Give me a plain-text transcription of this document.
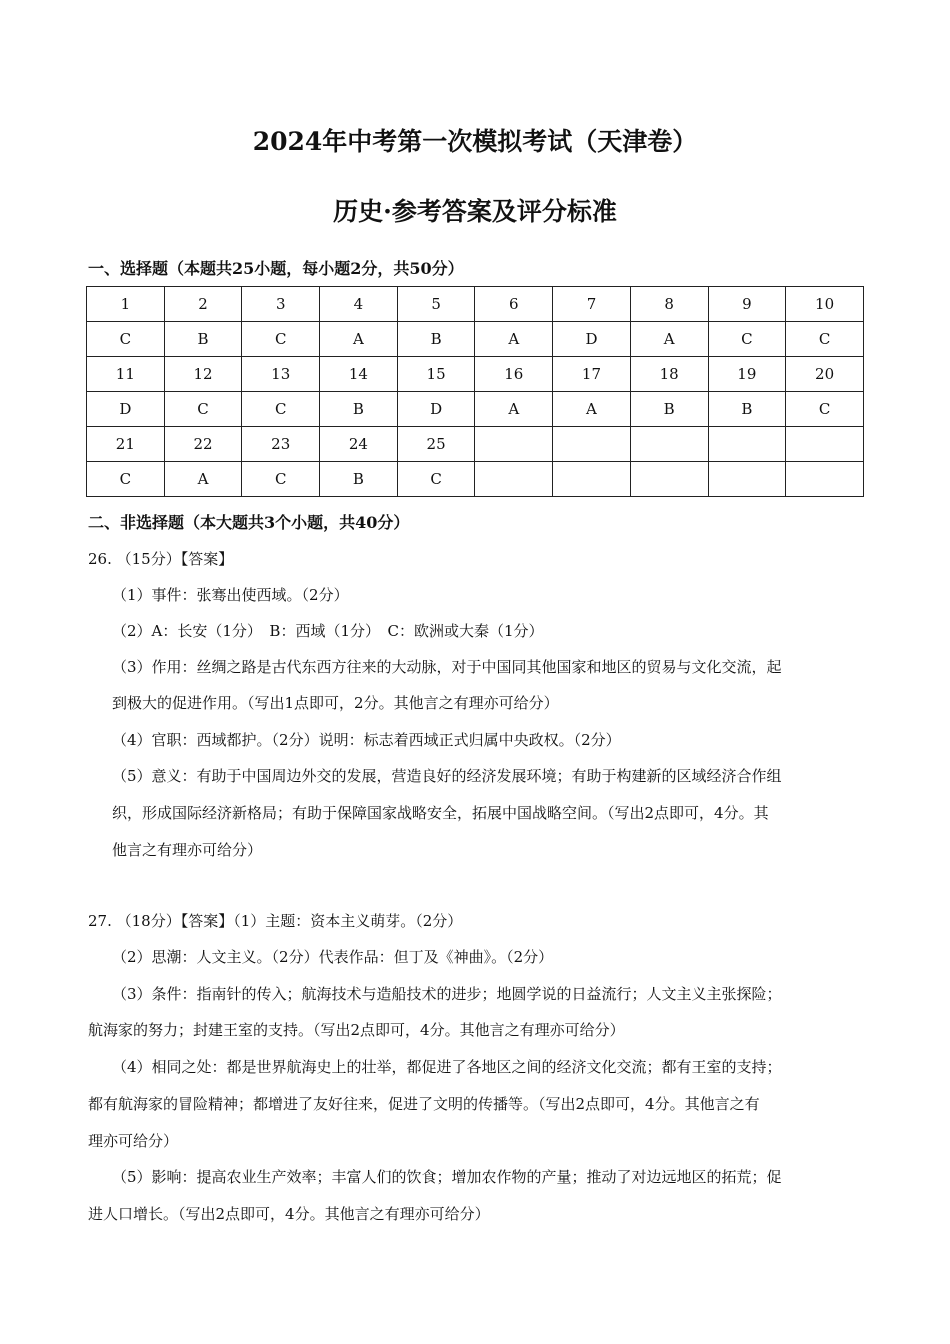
2024年中考第一次模拟考试（天津卷）
历史·参考答案及评分标准
一、选择题（本题共25小题，每小题2分，共50分）
1	2	3	4	5	6	7	8	9	10
C	B	C	A	B	A	D	A	C	C
11	12	13	14	15	16	17	18	19	20
D	C	C	B	D	A	A	B	B	C
21	22	23	24	25					
C	A	C	B	C					
二、非选择题（本大题共3个小题，共40分）
26. （15分）【答案】
（1）事件：张骞出使西域。（2分）
（2）A：长安（1分）　B：西域（1分）　C：欧洲或大秦（1分）
（3）作用：丝绸之路是古代东西方往来的大动脉，对于中国同其他国家和地区的贸易与文化交流，起
到极大的促进作用。（写出1点即可，2分。其他言之有理亦可给分）
（4）官职：西域都护。（2分）说明：标志着西域正式归属中央政权。（2分）
（5）意义：有助于中国周边外交的发展，营造良好的经济发展环境；有助于构建新的区域经济合作组
织，形成国际经济新格局；有助于保障国家战略安全，拓展中国战略空间。（写出2点即可，4分。其
他言之有理亦可给分）
27. （18分）【答案】（1）主题：资本主义萌芽。（2分）
（2）思潮：人文主义。（2分）代表作品：但丁及《神曲》。（2分）
（3）条件：指南针的传入；航海技术与造船技术的进步；地圆学说的日益流行；人文主义主张探险；
航海家的努力；封建王室的支持。（写出2点即可，4分。其他言之有理亦可给分）
（4）相同之处：都是世界航海史上的壮举，都促进了各地区之间的经济文化交流；都有王室的支持；
都有航海家的冒险精神；都增进了友好往来，促进了文明的传播等。（写出2点即可，4分。其他言之有
理亦可给分）
（5）影响：提高农业生产效率；丰富人们的饮食；增加农作物的产量；推动了对边远地区的拓荒；促
进人口增长。（写出2点即可，4分。其他言之有理亦可给分）
